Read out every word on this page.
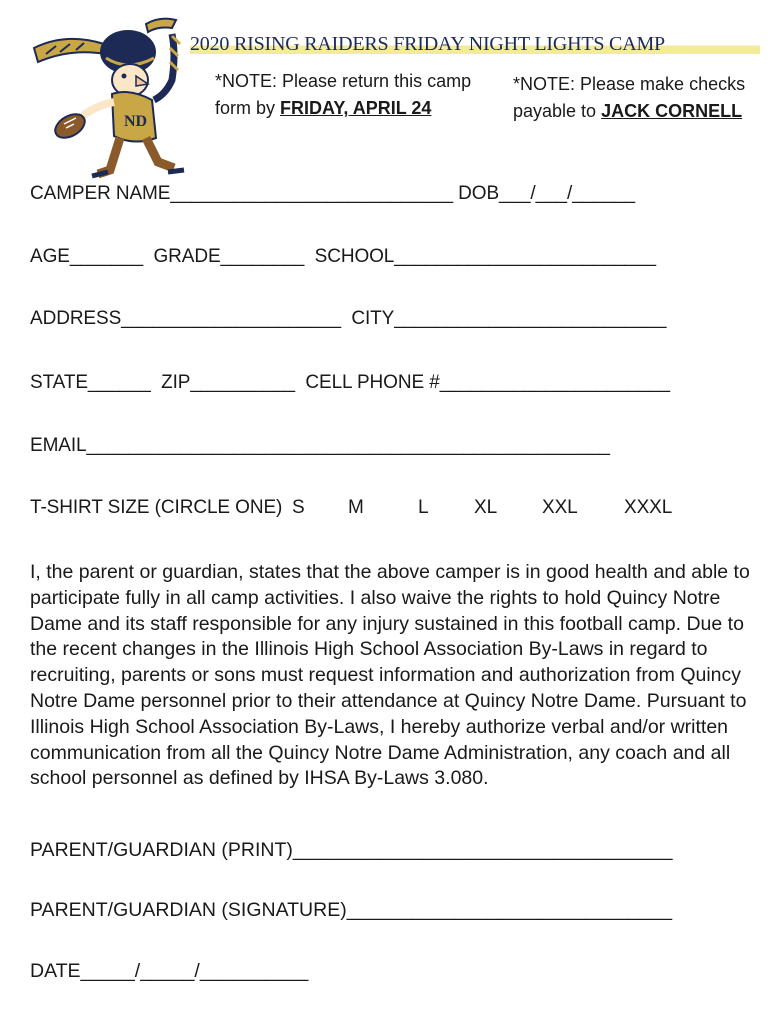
ND
2020 RISING RAIDERS FRIDAY NIGHT LIGHTS CAMP
*NOTE: Please return this camp form by FRIDAY, APRIL 24
*NOTE: Please make checks payable to JACK CORNELL
CAMPER NAME___________________________ DOB___/___/______
AGE_______ GRADE________ SCHOOL_________________________
ADDRESS_____________________ CITY__________________________
STATE______ ZIP__________ CELL PHONE #______________________
EMAIL__________________________________________________
T-SHIRT SIZE (CIRCLE ONE) S M	L XL XXL XXXL
I, the parent or guardian, states that the above camper is in good health and able to participate fully in all camp activities. I also waive the rights to hold Quincy Notre Dame and its staff responsible for any injury sustained in this football camp. Due to the recent changes in the Illinois High School Association By-Laws in regard to recruiting, parents or sons must request information and authorization from Quincy Notre Dame personnel prior to their attendance at Quincy Notre Dame. Pursuant to Illinois High School Association By-Laws, I hereby authorize verbal and/or written communication from all the Quincy Notre Dame Administration, any coach and all school personnel as defined by IHSA By-Laws 3.080.
PARENT/GUARDIAN (PRINT)___________________________________
PARENT/GUARDIAN (SIGNATURE)______________________________
DATE_____/_____/__________
